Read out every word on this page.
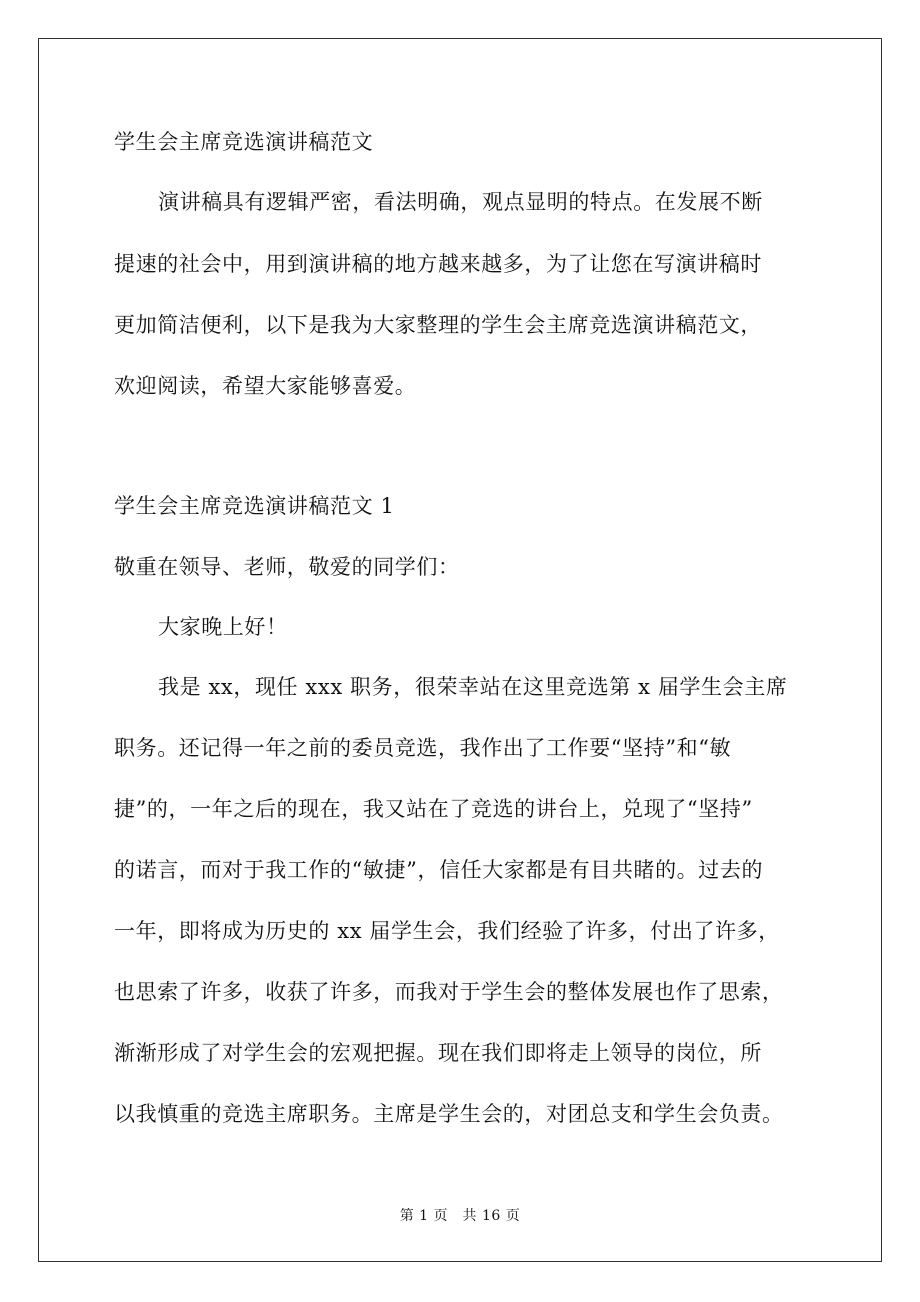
学生会主席竞选演讲稿范文
演讲稿具有逻辑严密，看法明确，观点显明的特点。在发展不断
提速的社会中，用到演讲稿的地方越来越多，为了让您在写演讲稿时
更加简洁便利，以下是我为大家整理的学生会主席竞选演讲稿范文，
欢迎阅读，希望大家能够喜爱。
学生会主席竞选演讲稿范文 1
敬重在领导、老师，敬爱的同学们：
大家晚上好！
我是 xx，现任 xxx 职务，很荣幸站在这里竞选第 x 届学生会主席
职务。还记得一年之前的委员竞选，我作出了工作要“坚持”和“敏
捷”的，一年之后的现在，我又站在了竞选的讲台上，兑现了“坚持”
的诺言，而对于我工作的“敏捷”，信任大家都是有目共睹的。过去的
一年，即将成为历史的 xx 届学生会，我们经验了许多，付出了许多，
也思索了许多，收获了许多，而我对于学生会的整体发展也作了思索，
渐渐形成了对学生会的宏观把握。现在我们即将走上领导的岗位，所
以我慎重的竞选主席职务。主席是学生会的，对团总支和学生会负责。
第 1 页　共 16 页
